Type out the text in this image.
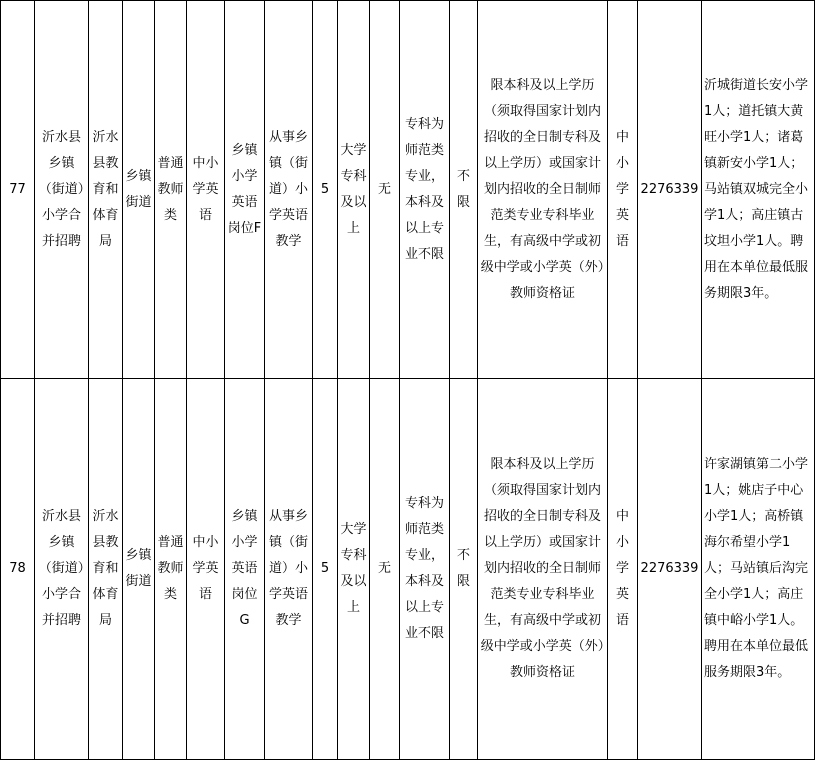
77	沂水县乡镇（街道）小学合并招聘	沂水县教育和体育局	乡镇街道	普通教师类	中小学英语	乡镇小学英语岗位F	从事乡镇（街道）小学英语教学	5	大学专科及以上	无	专科为师范类专业，本科及以上专业不限	不限	限本科及以上学历（须取得国家计划内招收的全日制专科及以上学历）或国家计划内招收的全日制师范类专业专科毕业生，有高级中学或初级中学或小学英（外）教师资格证	中小学英语	2276339	沂城街道长安小学1人；道托镇大黄旺小学1人；诸葛镇新安小学1人；马站镇双城完全小学1人；高庄镇古坟坦小学1人。聘用在本单位最低服务期限3年。
78	沂水县乡镇（街道）小学合并招聘	沂水县教育和体育局	乡镇街道	普通教师类	中小学英语	乡镇小学英语岗位G	从事乡镇（街道）小学英语教学	5	大学专科及以上	无	专科为师范类专业，本科及以上专业不限	不限	限本科及以上学历（须取得国家计划内招收的全日制专科及以上学历）或国家计划内招收的全日制师范类专业专科毕业生，有高级中学或初级中学或小学英（外）教师资格证	中小学英语	2276339	许家湖镇第二小学1人；姚店子中心小学1人；高桥镇海尔希望小学1人；马站镇后沟完全小学1人；高庄镇中峪小学1人。聘用在本单位最低服务期限3年。
